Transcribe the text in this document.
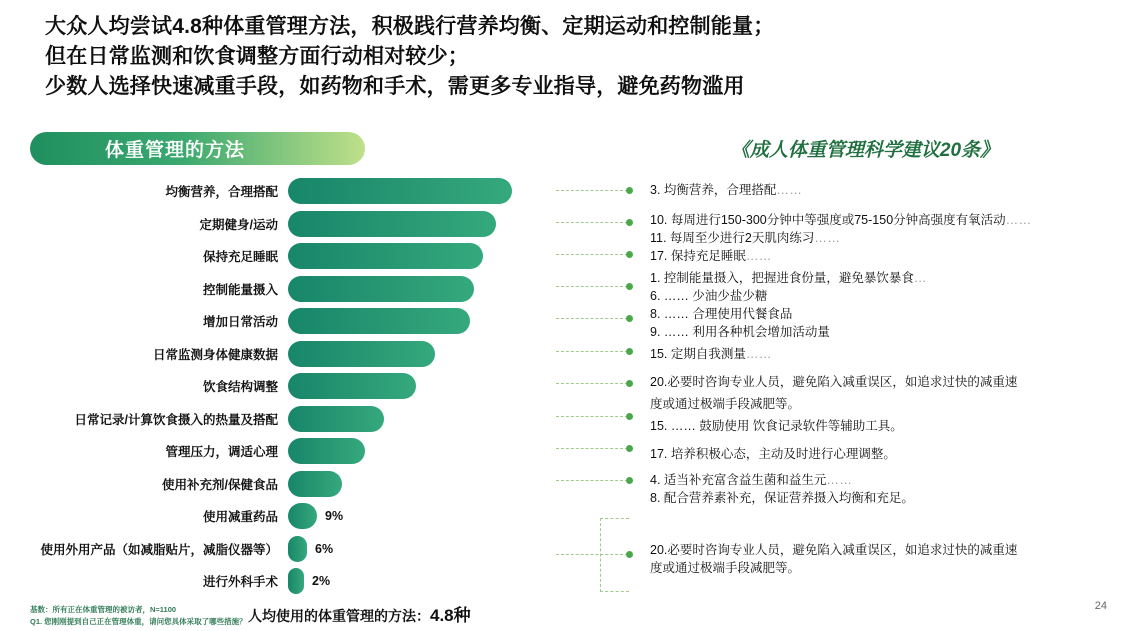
大众人均尝试4.8种体重管理方法，积极践行营养均衡、定期运动和控制能量；
但在日常监测和饮食调整方面行动相对较少；
少数人选择快速减重手段，如药物和手术，需更多专业指导，避免药物滥用
体重管理的方法	《成人体重管理科学建议20条》
均衡营养，合理搭配	70%
定期健身/运动	65%
保持充足睡眠	61%
控制能量摄入	58%
增加日常活动	57%
日常监测身体健康数据	46%
饮食结构调整	40%
日常记录/计算饮食摄入的热量及搭配	30%
管理压力，调适心理	24%
使用补充剂/保健食品	17%
使用减重药品	9%
使用外用产品（如减脂贴片，减脂仪器等）	6%
进行外科手术	2%
3. 均衡营养，合理搭配……
10. 每周进行150-300分钟中等强度或75-150分钟高强度有氧活动……
11. 每周至少进行2天肌肉练习……
17. 保持充足睡眠……
1. 控制能量摄入，把握进食份量，避免暴饮暴食…
6. …… 少油少盐少糖
8. …… 合理使用代餐食品
9. …… 利用各种机会增加活动量
15. 定期自我测量……
20.必要时咨询专业人员，避免陷入减重误区，如追求过快的减重速
度或通过极端手段减肥等。
15. …… 鼓励使用 饮食记录软件等辅助工具。
17. 培养积极心态，主动及时进行心理调整。
4. 适当补充富含益生菌和益生元……
8. 配合营养素补充，保证营养摄入均衡和充足。
20.必要时咨询专业人员，避免陷入减重误区，如追求过快的减重速
度或通过极端手段减肥等。
人均使用的体重管理的方法：4.8种
基数：所有正在体重管理的被访者，N=1100
Q1. 您刚刚提到自己正在管理体重，请问您具体采取了哪些措施？
24
